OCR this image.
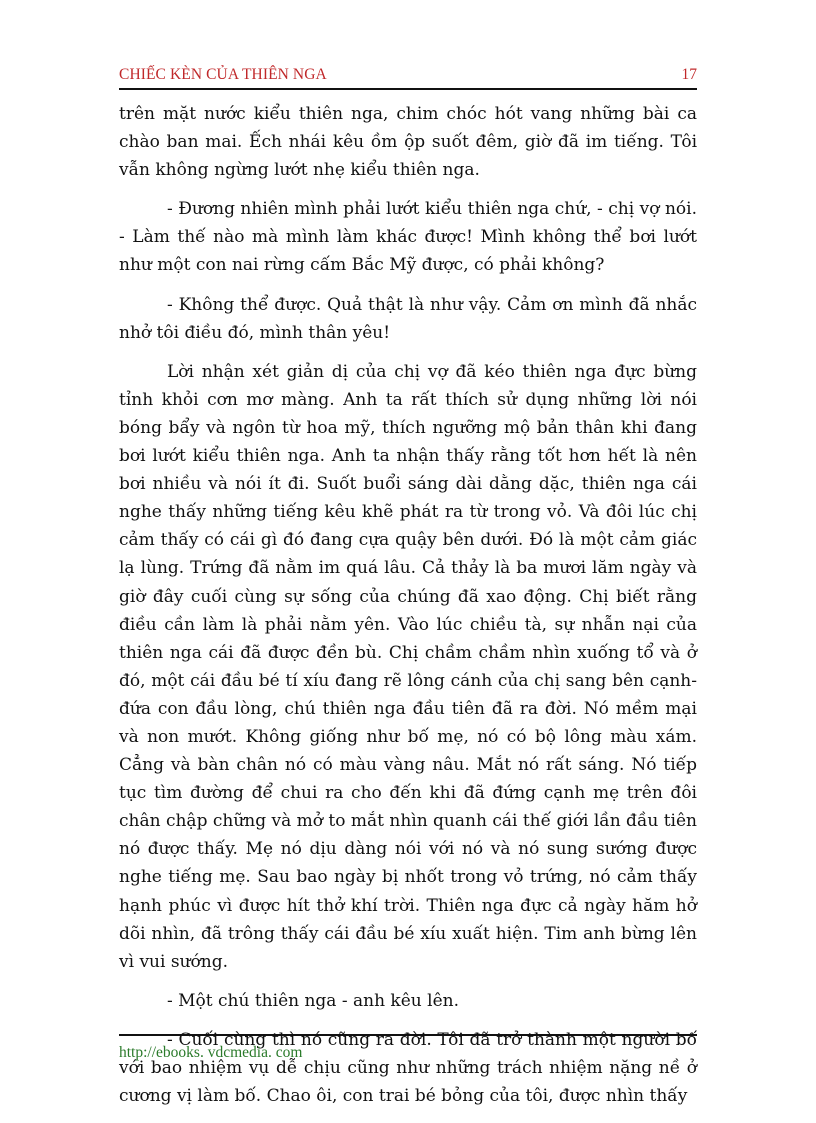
CHIẾC KÈN CỦA THIÊN NGA	17

trên mặt nước kiểu thiên nga, chim chóc hót vang những bài ca chào ban mai. Ếch nhái kêu ồm ộp suốt đêm, giờ đã im tiếng. Tôi vẫn không ngừng lướt nhẹ kiểu thiên nga.

- Đương nhiên mình phải lướt kiểu thiên nga chứ, - chị vợ nói. - Làm thế nào mà mình làm khác được! Mình không thể bơi lướt như một con nai rừng cấm Bắc Mỹ được, có phải không?

- Không thể được. Quả thật là như vậy. Cảm ơn mình đã nhắc nhở tôi điều đó, mình thân yêu!

Lời nhận xét giản dị của chị vợ đã kéo thiên nga đực bừng tỉnh khỏi cơn mơ màng. Anh ta rất thích sử dụng những lời nói bóng bẩy và ngôn từ hoa mỹ, thích ngưỡng mộ bản thân khi đang bơi lướt kiểu thiên nga. Anh ta nhận thấy rằng tốt hơn hết là nên bơi nhiều và nói ít đi. Suốt buổi sáng dài dằng dặc, thiên nga cái nghe thấy những tiếng kêu khẽ phát ra từ trong vỏ. Và đôi lúc chị cảm thấy có cái gì đó đang cựa quậy bên dưới. Đó là một cảm giác lạ lùng. Trứng đã nằm im quá lâu. Cả thảy là ba mươi lăm ngày và giờ đây cuối cùng sự sống của chúng đã xao động. Chị biết rằng điều cần làm là phải nằm yên. Vào lúc chiều tà, sự nhẫn nại của thiên nga cái đã được đền bù. Chị chầm chầm nhìn xuống tổ và ở đó, một cái đầu bé tí xíu đang rẽ lông cánh của chị sang bên cạnh- đứa con đầu lòng, chú thiên nga đầu tiên đã ra đời. Nó mềm mại và non mướt. Không giống như bố mẹ, nó có bộ lông màu xám. Cẳng và bàn chân nó có màu vàng nâu. Mắt nó rất sáng. Nó tiếp tục tìm đường để chui ra cho đến khi đã đứng cạnh mẹ trên đôi chân chập chững và mở to mắt nhìn quanh cái thế giới lần đầu tiên nó được thấy. Mẹ nó dịu dàng nói với nó và nó sung sướng được nghe tiếng mẹ. Sau bao ngày bị nhốt trong vỏ trứng, nó cảm thấy hạnh phúc vì được hít thở khí trời. Thiên nga đực cả ngày hăm hở dõi nhìn, đã trông thấy cái đầu bé xíu xuất hiện. Tim anh bừng lên vì vui sướng.

- Một chú thiên nga - anh kêu lên.

- Cuối cùng thì nó cũng ra đời. Tôi đã trở thành một người bố với bao nhiệm vụ dễ chịu cũng như những trách nhiệm nặng nề ở cương vị làm bố. Chao ôi, con trai bé bỏng của tôi, được nhìn thấy

http://ebooks. vdcmedia. com
